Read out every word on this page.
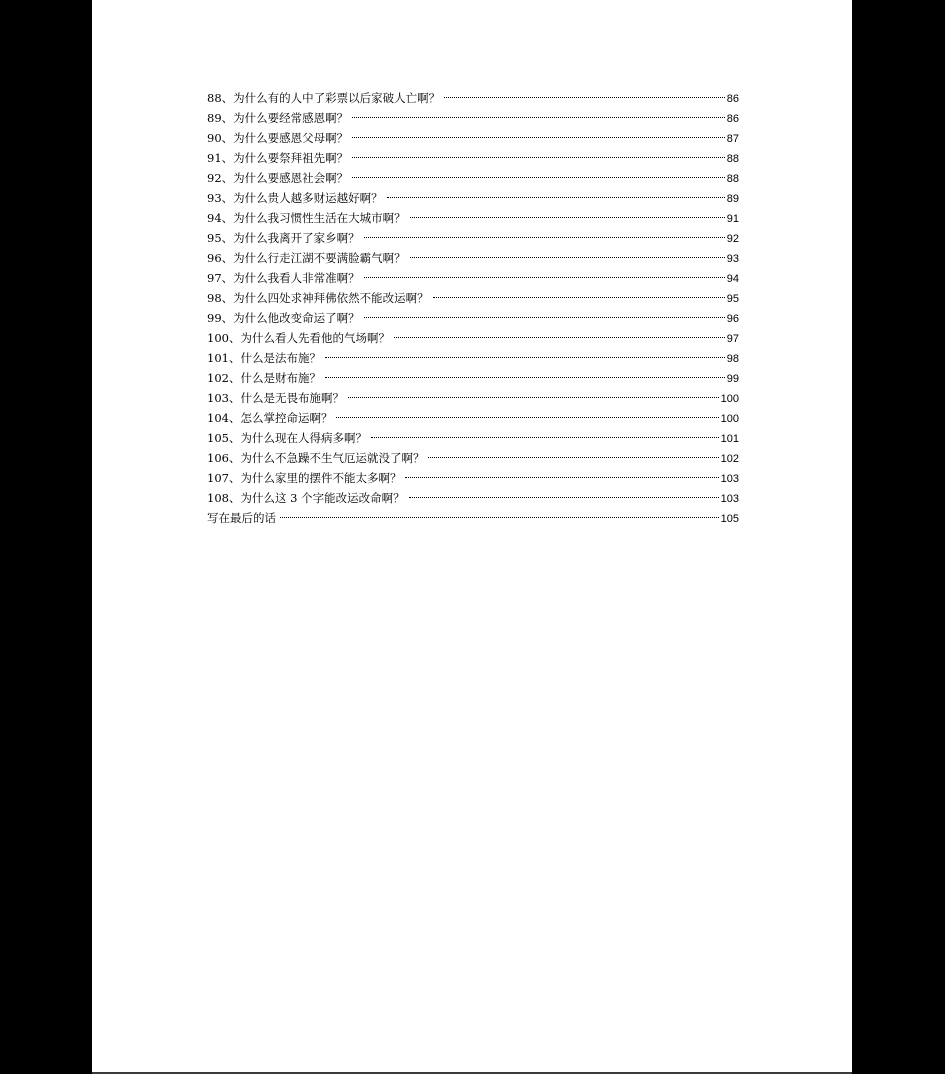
88、为什么有的人中了彩票以后家破人亡啊？	86
89、为什么要经常感恩啊？	86
90、为什么要感恩父母啊？	87
91、为什么要祭拜祖先啊？	88
92、为什么要感恩社会啊？	88
93、为什么贵人越多财运越好啊？	89
94、为什么我习惯性生活在大城市啊？	91
95、为什么我离开了家乡啊？	92
96、为什么行走江湖不要满脸霸气啊？	93
97、为什么我看人非常准啊？	94
98、为什么四处求神拜佛依然不能改运啊？	95
99、为什么他改变命运了啊？	96
100、为什么看人先看他的气场啊？	97
101、什么是法布施？	98
102、什么是财布施？	99
103、什么是无畏布施啊？	100
104、怎么掌控命运啊？	100
105、为什么现在人得病多啊？	101
106、为什么不急躁不生气厄运就没了啊？	102
107、为什么家里的摆件不能太多啊？	103
108、为什么这 3 个字能改运改命啊？	103
写在最后的话	105
